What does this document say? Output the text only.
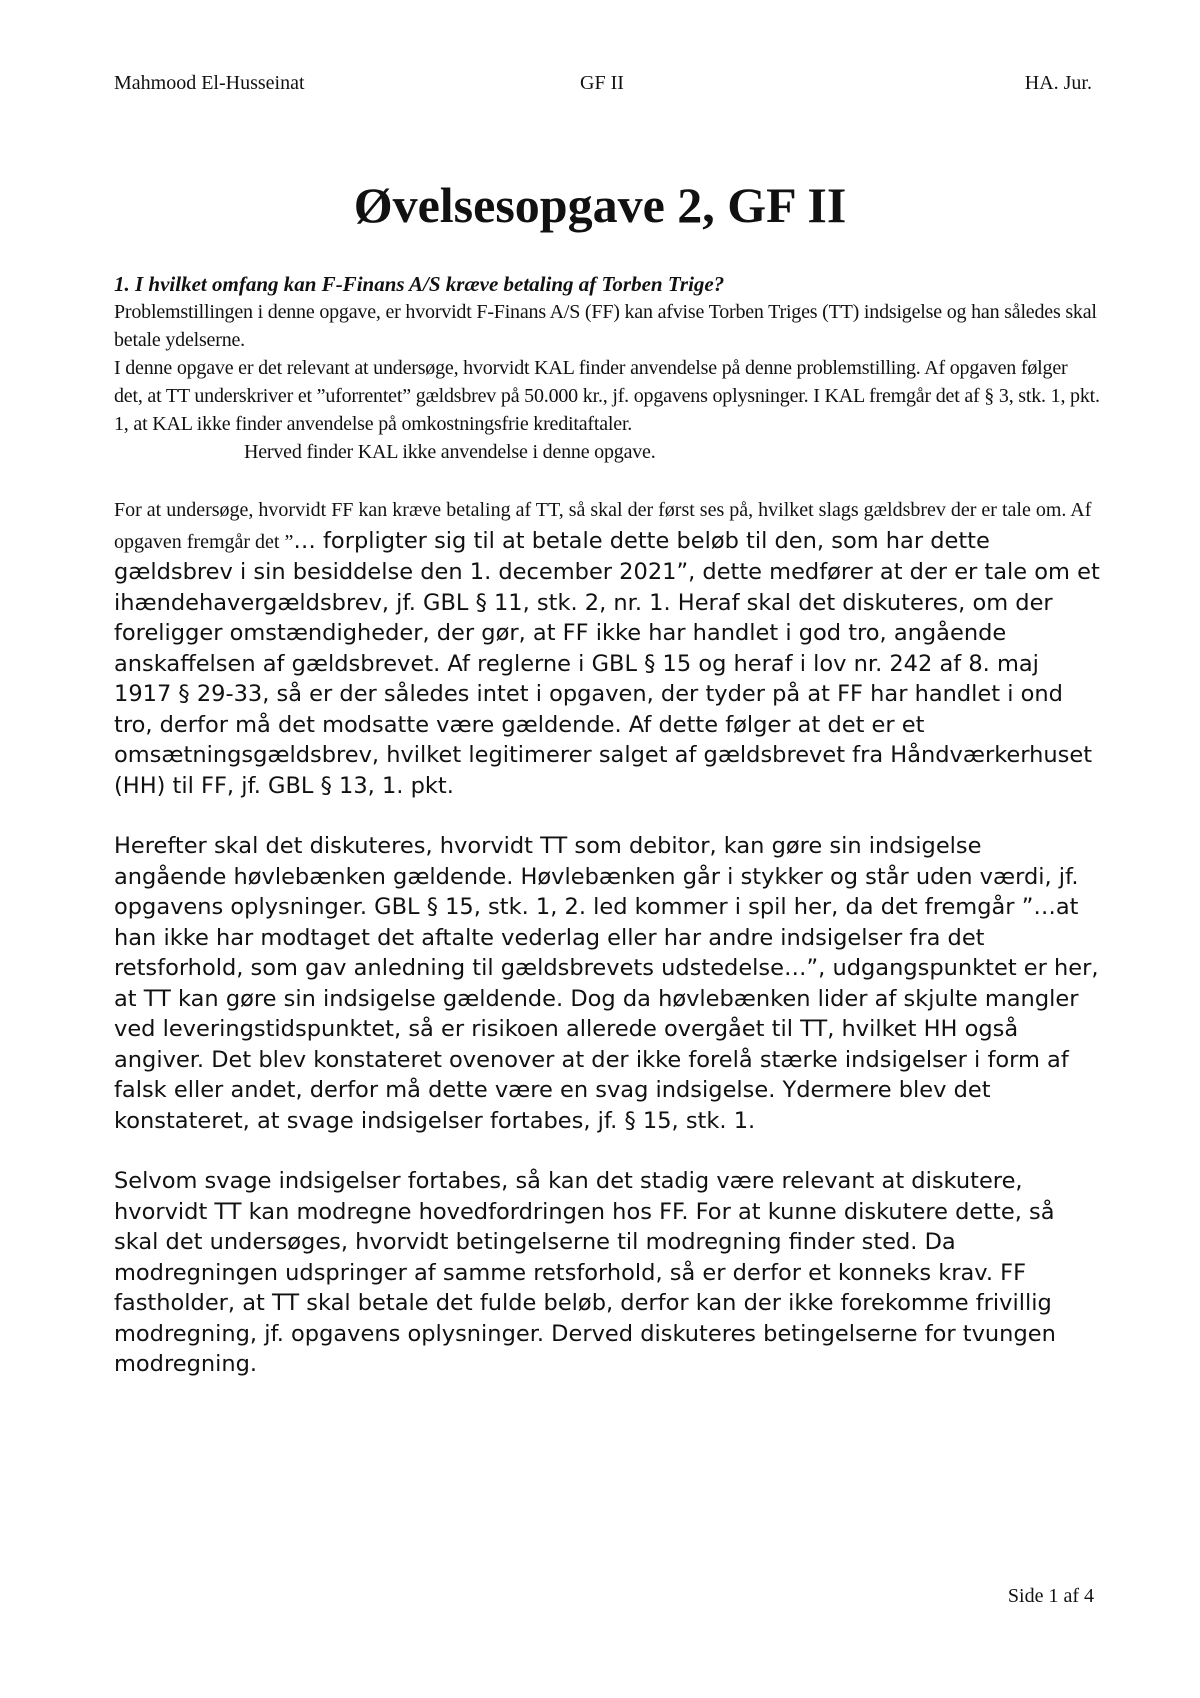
Mahmood El-Husseinat	GF II	HA. Jur.
Øvelsesopgave 2, GF II

1. I hvilket omfang kan F-Finans A/S kræve betaling af Torben Trige?

Problemstillingen i denne opgave, er hvorvidt F-Finans A/S (FF) kan afvise Torben Triges (TT) indsigelse og han således skal betale ydelserne.

I denne opgave er det relevant at undersøge, hvorvidt KAL finder anvendelse på denne problemstilling. Af opgaven følger det, at TT underskriver et ”uforrentet” gældsbrev på 50.000 kr., jf. opgavens oplysninger. I KAL fremgår det af § 3, stk. 1, pkt. 1, at KAL ikke finder anvendelse på omkostningsfrie kreditaftaler.

Herved finder KAL ikke anvendelse i denne opgave.

For at undersøge, hvorvidt FF kan kræve betaling af TT, så skal der først ses på, hvilket slags gældsbrev der er tale om. Af opgaven fremgår det ”… forpligter sig til at betale dette beløb til den, som har dette gældsbrev i sin besiddelse den 1. december 2021”, dette medfører at der er tale om et ihændehavergældsbrev, jf. GBL § 11, stk. 2, nr. 1. Heraf skal det diskuteres, om der foreligger omstændigheder, der gør, at FF ikke har handlet i god tro, angående anskaffelsen af gældsbrevet. Af reglerne i GBL § 15 og heraf i lov nr. 242 af 8. maj 1917 § 29-33, så er der således intet i opgaven, der tyder på at FF har handlet i ond tro, derfor må det modsatte være gældende. Af dette følger at det er et omsætningsgældsbrev, hvilket legitimerer salget af gældsbrevet fra Håndværkerhuset (HH) til FF, jf. GBL § 13, 1. pkt.

Herefter skal det diskuteres, hvorvidt TT som debitor, kan gøre sin indsigelse angående høvlebænken gældende. Høvlebænken går i stykker og står uden værdi, jf. opgavens oplysninger. GBL § 15, stk. 1, 2. led kommer i spil her, da det fremgår ”…at han ikke har modtaget det aftalte vederlag eller har andre indsigelser fra det retsforhold, som gav anledning til gældsbrevets udstedelse…”, udgangspunktet er her, at TT kan gøre sin indsigelse gældende. Dog da høvlebænken lider af skjulte mangler ved leveringstidspunktet, så er risikoen allerede overgået til TT, hvilket HH også angiver. Det blev konstateret ovenover at der ikke forelå stærke indsigelser i form af falsk eller andet, derfor må dette være en svag indsigelse. Ydermere blev det konstateret, at svage indsigelser fortabes, jf. § 15, stk. 1.

Selvom svage indsigelser fortabes, så kan det stadig være relevant at diskutere, hvorvidt TT kan modregne hovedfordringen hos FF. For at kunne diskutere dette, så skal det undersøges, hvorvidt betingelserne til modregning finder sted. Da modregningen udspringer af samme retsforhold, så er derfor et konneks krav. FF fastholder, at TT skal betale det fulde beløb, derfor kan der ikke forekomme frivillig modregning, jf. opgavens oplysninger. Derved diskuteres betingelserne for tvungen modregning.

Side 1 af 4
